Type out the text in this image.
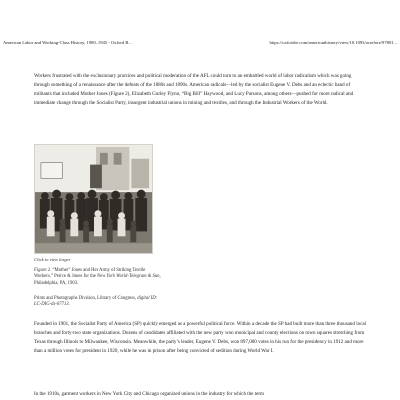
American Labor and Working-Class History, 1900–1945 - Oxford R...	https://oxfordre.com/americanhistory/view/10.1093/acrefore/97801...

Workers frustrated with the exclusionary practices and political moderation of the AFL could turn to an embattled world of labor radicalism which was going through something of a renaissance after the defeats of the 1880s and 1890s. American radicals—led by the socialist Eugene V. Debs and an eclectic band of militants that included Mother Jones (Figure 2), Elizabeth Gurley Flynn, “Big Bill” Haywood, and Lucy Parsons, among others—pushed for more radical and immediate change through the Socialist Party, insurgent industrial unions in mining and textiles, and through the Industrial Workers of the World.

Click to view larger

Figure 2. “Mother” Jones and Her Army of Striking Textile Workers.” Peirce & Jones for the New York World-Telegram & Sun, Philadelphia, PA, 1903.

Prints and Photographs Division, Library of Congress, digital ID: LC-DIG-ds-07713.

Founded in 1901, the Socialist Party of America (SP) quickly emerged as a powerful political force. Within a decade the SP had built more than three thousand local branches and forty-two state organizations. Dozens of candidates affiliated with the new party won municipal and county elections on town squares stretching from Texas through Illinois to Milwaukee, Wisconsin. Meanwhile, the party’s leader, Eugene V. Debs, won 897,000 votes in his run for the presidency in 1912 and more than a million votes for president in 1920, while he was in prison after being convicted of sedition during World War I.

In the 1910s, garment workers in New York City and Chicago organized unions in the industry for which the term
